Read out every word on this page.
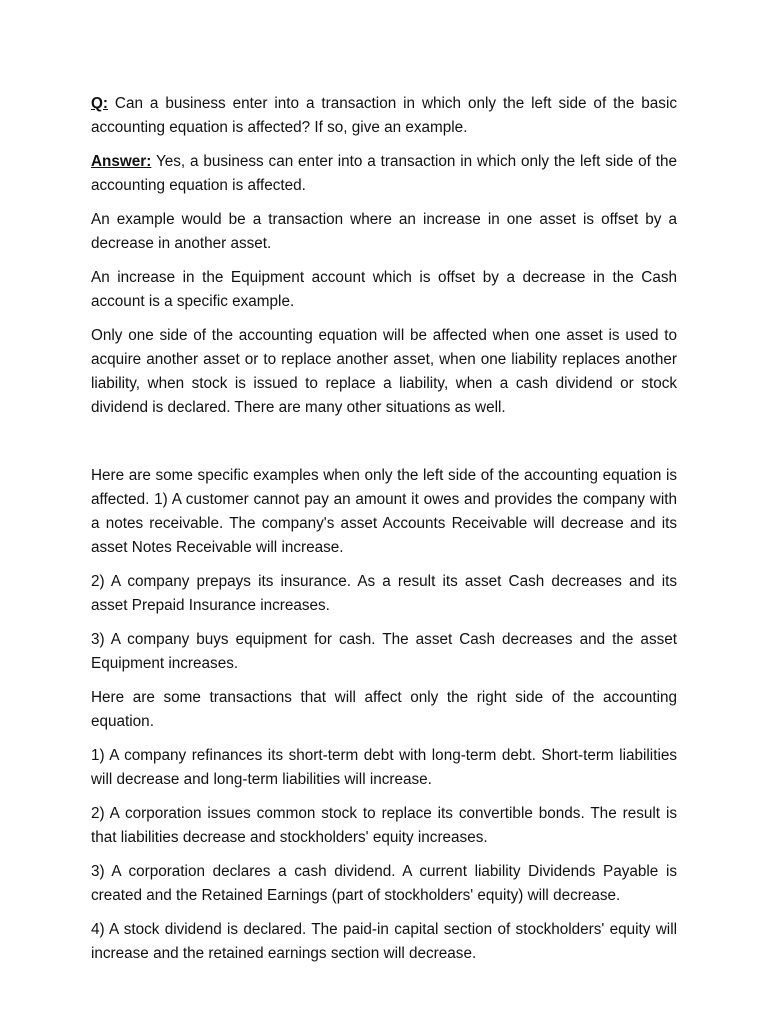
Q: Can a business enter into a transaction in which only the left side of the basic accounting equation is affected? If so, give an example.

Answer: Yes, a business can enter into a transaction in which only the left side of the accounting equation is affected.

An example would be a transaction where an increase in one asset is offset by a decrease in another asset.

An increase in the Equipment account which is offset by a decrease in the Cash account is a specific example.

Only one side of the accounting equation will be affected when one asset is used to acquire another asset or to replace another asset, when one liability replaces another liability, when stock is issued to replace a liability, when a cash dividend or stock dividend is declared. There are many other situations as well.

Here are some specific examples when only the left side of the accounting equation is affected. 1) A customer cannot pay an amount it owes and provides the company with a notes receivable. The company's asset Accounts Receivable will decrease and its asset Notes Receivable will increase.

2) A company prepays its insurance. As a result its asset Cash decreases and its asset Prepaid Insurance increases.

3) A company buys equipment for cash. The asset Cash decreases and the asset Equipment increases.

Here are some transactions that will affect only the right side of the accounting equation.

1) A company refinances its short-term debt with long-term debt. Short-term liabilities will decrease and long-term liabilities will increase.

2) A corporation issues common stock to replace its convertible bonds. The result is that liabilities decrease and stockholders' equity increases.

3) A corporation declares a cash dividend. A current liability Dividends Payable is created and the Retained Earnings (part of stockholders' equity) will decrease.

4) A stock dividend is declared. The paid-in capital section of stockholders' equity will increase and the retained earnings section will decrease.
